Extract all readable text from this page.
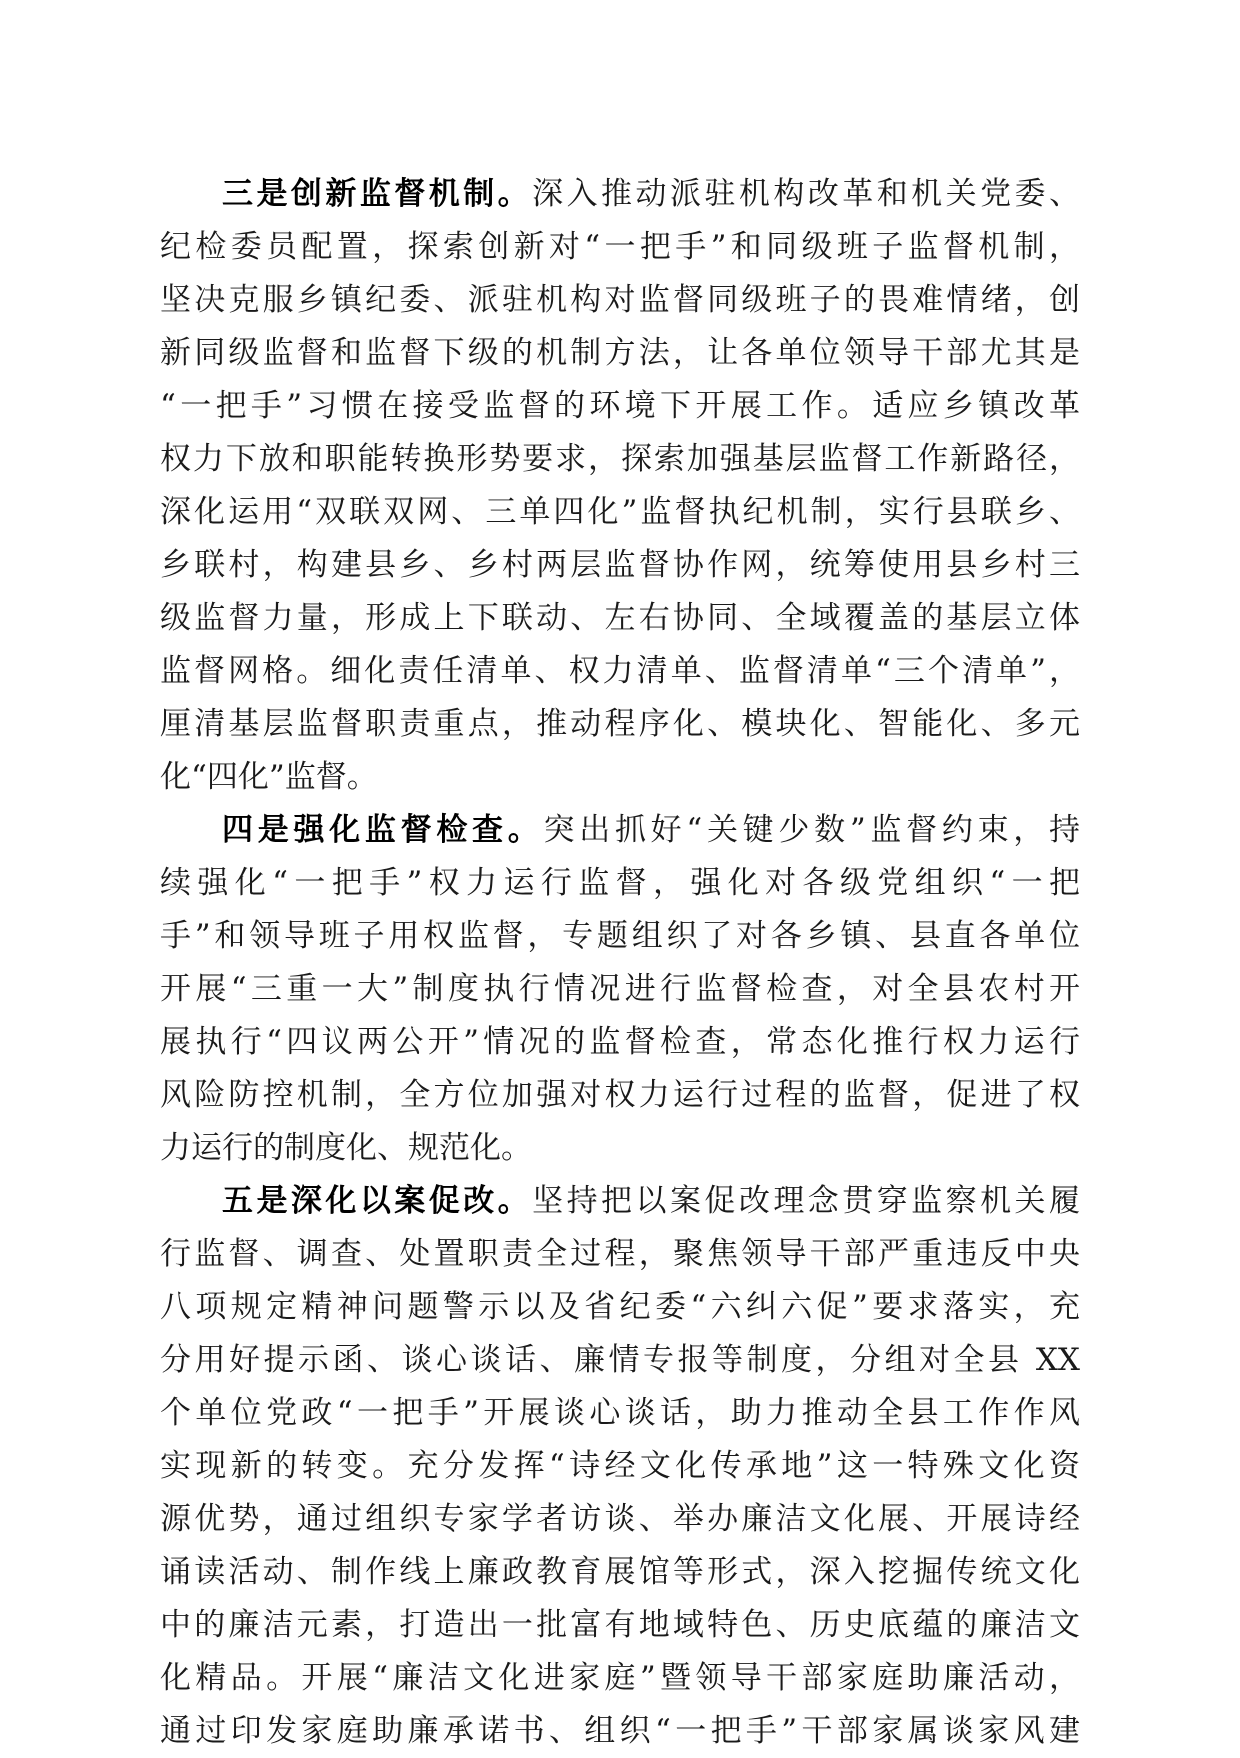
三是创新监督机制。深入推动派驻机构改革和机关党委、
纪检委员配置，探索创新对“一把手”和同级班子监督机制，
坚决克服乡镇纪委、派驻机构对监督同级班子的畏难情绪，创
新同级监督和监督下级的机制方法，让各单位领导干部尤其是
“一把手”习惯在接受监督的环境下开展工作。适应乡镇改革
权力下放和职能转换形势要求，探索加强基层监督工作新路径，
深化运用“双联双网、三单四化”监督执纪机制，实行县联乡、
乡联村，构建县乡、乡村两层监督协作网，统筹使用县乡村三
级监督力量，形成上下联动、左右协同、全域覆盖的基层立体
监督网格。细化责任清单、权力清单、监督清单“三个清单”，
厘清基层监督职责重点，推动程序化、模块化、智能化、多元
化“四化”监督。
四是强化监督检查。突出抓好“关键少数”监督约束，持
续强化“一把手”权力运行监督，强化对各级党组织“一把
手”和领导班子用权监督，专题组织了对各乡镇、县直各单位
开展“三重一大”制度执行情况进行监督检查，对全县农村开
展执行“四议两公开”情况的监督检查，常态化推行权力运行
风险防控机制，全方位加强对权力运行过程的监督，促进了权
力运行的制度化、规范化。
五是深化以案促改。坚持把以案促改理念贯穿监察机关履
行监督、调查、处置职责全过程，聚焦领导干部严重违反中央
八项规定精神问题警示以及省纪委“六纠六促”要求落实，充
分用好提示函、谈心谈话、廉情专报等制度，分组对全县 XX
个单位党政“一把手”开展谈心谈话，助力推动全县工作作风
实现新的转变。充分发挥“诗经文化传承地”这一特殊文化资
源优势，通过组织专家学者访谈、举办廉洁文化展、开展诗经
诵读活动、制作线上廉政教育展馆等形式，深入挖掘传统文化
中的廉洁元素，打造出一批富有地域特色、历史底蕴的廉洁文
化精品。开展“廉洁文化进家庭”暨领导干部家庭助廉活动，
通过印发家庭助廉承诺书、组织“一把手”干部家属谈家风建
